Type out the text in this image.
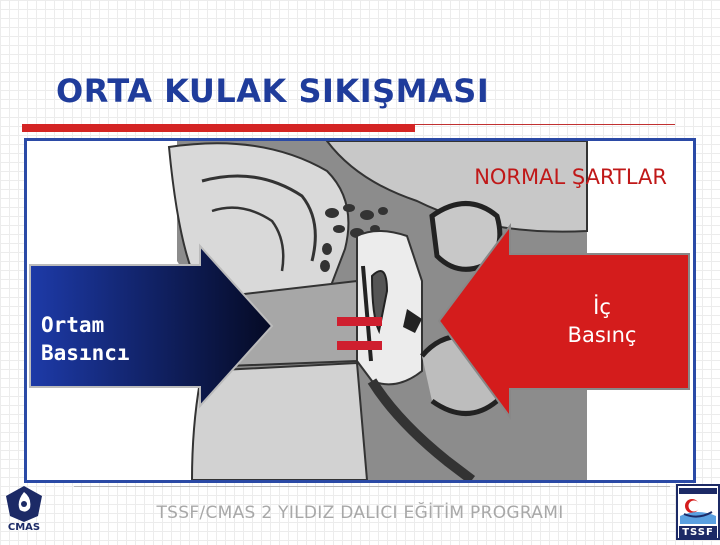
ORTA KULAK SIKIŞMASI
NORMAL ŞARTLAR
Ortam
Basıncı
İç
Basınç
TSSF/CMAS 2 YILDIZ DALICI EĞİTİM PROGRAMI
CMAS	TSSF
